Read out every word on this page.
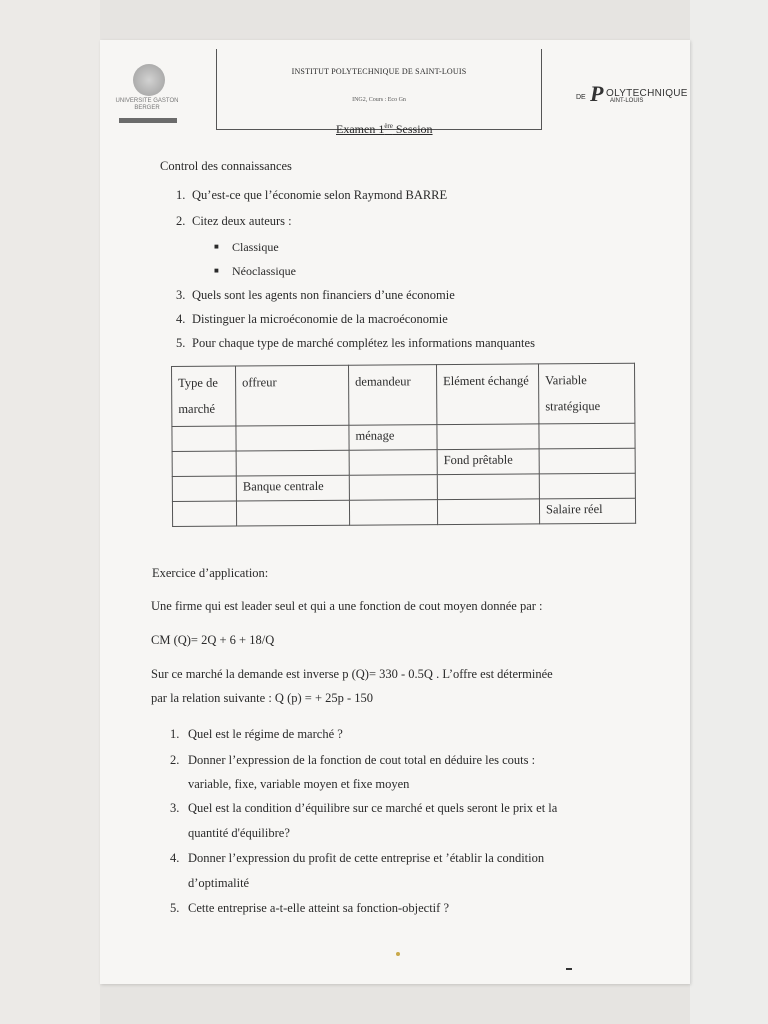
UNIVERSITE GASTON BERGER
INSTITUT POLYTECHNIQUE DE SAINT-LOUIS
ING2, Cours : Eco Gn	DE P OLYTECHNIQUE
AINT-LOUIS
Examen 1ère Session
Control des connaissances
1. Qu’est-ce que l’économie selon Raymond BARRE
2. Citez deux auteurs :
■ Classique
■ Néoclassique
3. Quels sont les agents non financiers d’une économie
4. Distinguer la microéconomie de la macroéconomie
5. Pour chaque type de marché complétez les informations manquantes
Type de marché	offreur	demandeur	Elément échangé	Variable stratégique
		ménage		
			Fond prêtable	
	Banque centrale			
				Salaire réel
Exercice d’application:
Une firme qui est leader seul et qui a une fonction de cout moyen donnée par :
CM (Q)= 2Q + 6 + 18/Q
Sur ce marché la demande est inverse p (Q)= 330 - 0.5Q . L’offre est déterminée
par la relation suivante : Q (p) = + 25p - 150
1. Quel est le régime de marché ?
2. Donner l’expression de la fonction de cout total en déduire les couts :
variable, fixe, variable moyen et fixe moyen
3. Quel est la condition d’équilibre sur ce marché et quels seront le prix et la
quantité d'équilibre?
4. Donner l’expression du profit de cette entreprise et ’établir la condition
d’optimalité
5. Cette entreprise a-t-elle atteint sa fonction-objectif ?
